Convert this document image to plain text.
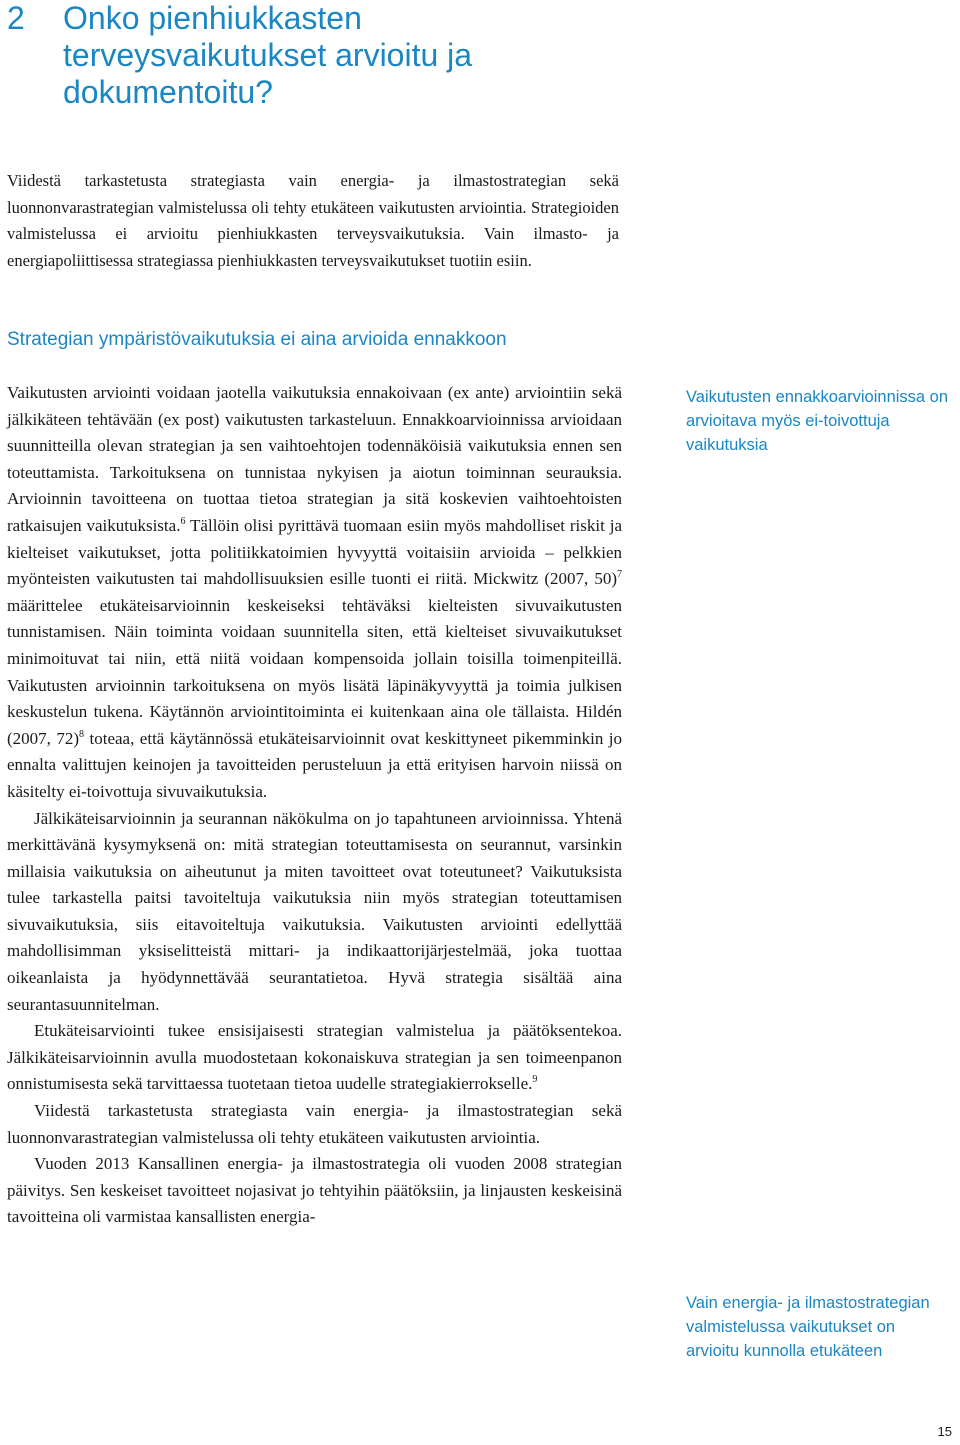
2	Onko pienhiukkasten terveysvaikutukset arvioitu ja dokumentoitu?

Viidestä tarkastetusta strategiasta vain energia- ja ilmastostrategian sekä luonnonvarastrategian valmistelussa oli tehty etukäteen vaikutusten arviointia. Strategioiden valmistelussa ei arvioitu pienhiukkasten terveysvaikutuksia. Vain ilmasto- ja energiapoliittisessa strategiassa pienhiukkasten terveysvaikutukset tuotiin esiin.

Strategian ympäristövaikutuksia ei aina arvioida ennakkoon

Vaikutusten arviointi voidaan jaotella vaikutuksia ennakoivaan (ex ante) arviointiin sekä jälkikäteen tehtävään (ex post) vaikutusten tarkasteluun. Ennakkoarvioinnissa arvioidaan suunnitteilla olevan strategian ja sen vaihtoehtojen todennäköisiä vaikutuksia ennen sen toteuttamista. Tarkoituksena on tunnistaa nykyisen ja aiotun toiminnan seurauksia. Arvioinnin tavoitteena on tuottaa tietoa strategian ja sitä koskevien vaihtoehtoisten ratkaisujen vaikutuksista.$^6$ Tällöin olisi pyrittävä tuomaan esiin myös mahdolliset riskit ja kielteiset vaikutukset, jotta politiikkatoimien hyvyyttä voitaisiin arvioida – pelkkien myönteisten vaikutusten tai mahdollisuuksien esille tuonti ei riitä. Mickwitz (2007, 50)$^7$ määrittelee etukäteisarvioinnin keskeiseksi tehtäväksi kielteisten sivuvaikutusten tunnistamisen. Näin toiminta voidaan suunnitella siten, että kielteiset sivuvaikutukset minimoituvat tai niin, että niitä voidaan kompensoida jollain toisilla toimenpiteillä. Vaikutusten arvioinnin tarkoituksena on myös lisätä läpinäkyvyyttä ja toimia julkisen keskustelun tukena. Käytännön arviointitoiminta ei kuitenkaan aina ole tällaista. Hildén (2007, 72)$^8$ toteaa, että käytännössä etukäteisarvioinnit ovat keskittyneet pikemminkin jo ennalta valittujen keinojen ja tavoitteiden perusteluun ja että erityisen harvoin niissä on käsitelty ei-toivottuja sivuvaikutuksia.

Jälkikäteisarvioinnin ja seurannan näkökulma on jo tapahtuneen arvioinnissa. Yhtenä merkittävänä kysymyksenä on: mitä strategian toteuttamisesta on seurannut, varsinkin millaisia vaikutuksia on aiheutunut ja miten tavoitteet ovat toteutuneet? Vaikutuksista tulee tarkastella paitsi tavoiteltuja vaikutuksia niin myös strategian toteuttamisen sivuvaikutuksia, siis eitavoiteltuja vaikutuksia. Vaikutusten arviointi edellyttää mahdollisimman yksiselitteistä mittari- ja indikaattorijärjestelmää, joka tuottaa oikeanlaista ja hyödynnettävää seurantatietoa. Hyvä strategia sisältää aina seurantasuunnitelman.

Etukäteisarviointi tukee ensisijaisesti strategian valmistelua ja päätöksentekoa. Jälkikäteisarvioinnin avulla muodostetaan kokonaiskuva strategian ja sen toimeenpanon onnistumisesta sekä tarvittaessa tuotetaan tietoa uudelle strategiakierrokselle.$^9$

Viidestä tarkastetusta strategiasta vain energia- ja ilmastostrategian sekä luonnonvarastrategian valmistelussa oli tehty etukäteen vaikutusten arviointia.

Vuoden 2013 Kansallinen energia- ja ilmastostrategia oli vuoden 2008 strategian päivitys. Sen keskeiset tavoitteet nojasivat jo tehtyihin päätöksiin, ja linjausten keskeisinä tavoitteina oli varmistaa kansallisten energia-

Vaikutusten ennakkoarvioinnissa on arvioitava myös ei-toivottuja vaikutuksia

Vain energia- ja ilmastostrategian valmistelussa vaikutukset on arvioitu kunnolla etukäteen

15
